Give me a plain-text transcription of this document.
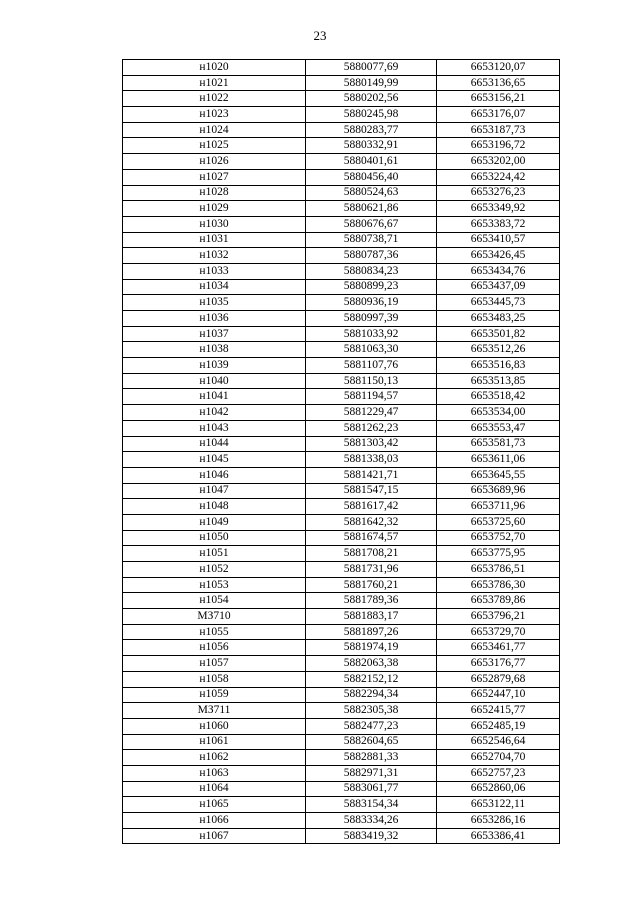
23
н1020	5880077,69	6653120,07
н1021	5880149,99	6653136,65
н1022	5880202,56	6653156,21
н1023	5880245,98	6653176,07
н1024	5880283,77	6653187,73
н1025	5880332,91	6653196,72
н1026	5880401,61	6653202,00
н1027	5880456,40	6653224,42
н1028	5880524,63	6653276,23
н1029	5880621,86	6653349,92
н1030	5880676,67	6653383,72
н1031	5880738,71	6653410,57
н1032	5880787,36	6653426,45
н1033	5880834,23	6653434,76
н1034	5880899,23	6653437,09
н1035	5880936,19	6653445,73
н1036	5880997,39	6653483,25
н1037	5881033,92	6653501,82
н1038	5881063,30	6653512,26
н1039	5881107,76	6653516,83
н1040	5881150,13	6653513,85
н1041	5881194,57	6653518,42
н1042	5881229,47	6653534,00
н1043	5881262,23	6653553,47
н1044	5881303,42	6653581,73
н1045	5881338,03	6653611,06
н1046	5881421,71	6653645,55
н1047	5881547,15	6653689,96
н1048	5881617,42	6653711,96
н1049	5881642,32	6653725,60
н1050	5881674,57	6653752,70
н1051	5881708,21	6653775,95
н1052	5881731,96	6653786,51
н1053	5881760,21	6653786,30
н1054	5881789,36	6653789,86
МЗ710	5881883,17	6653796,21
н1055	5881897,26	6653729,70
н1056	5881974,19	6653461,77
н1057	5882063,38	6653176,77
н1058	5882152,12	6652879,68
н1059	5882294,34	6652447,10
МЗ711	5882305,38	6652415,77
н1060	5882477,23	6652485,19
н1061	5882604,65	6652546,64
н1062	5882881,33	6652704,70
н1063	5882971,31	6652757,23
н1064	5883061,77	6652860,06
н1065	5883154,34	6653122,11
н1066	5883334,26	6653286,16
н1067	5883419,32	6653386,41
